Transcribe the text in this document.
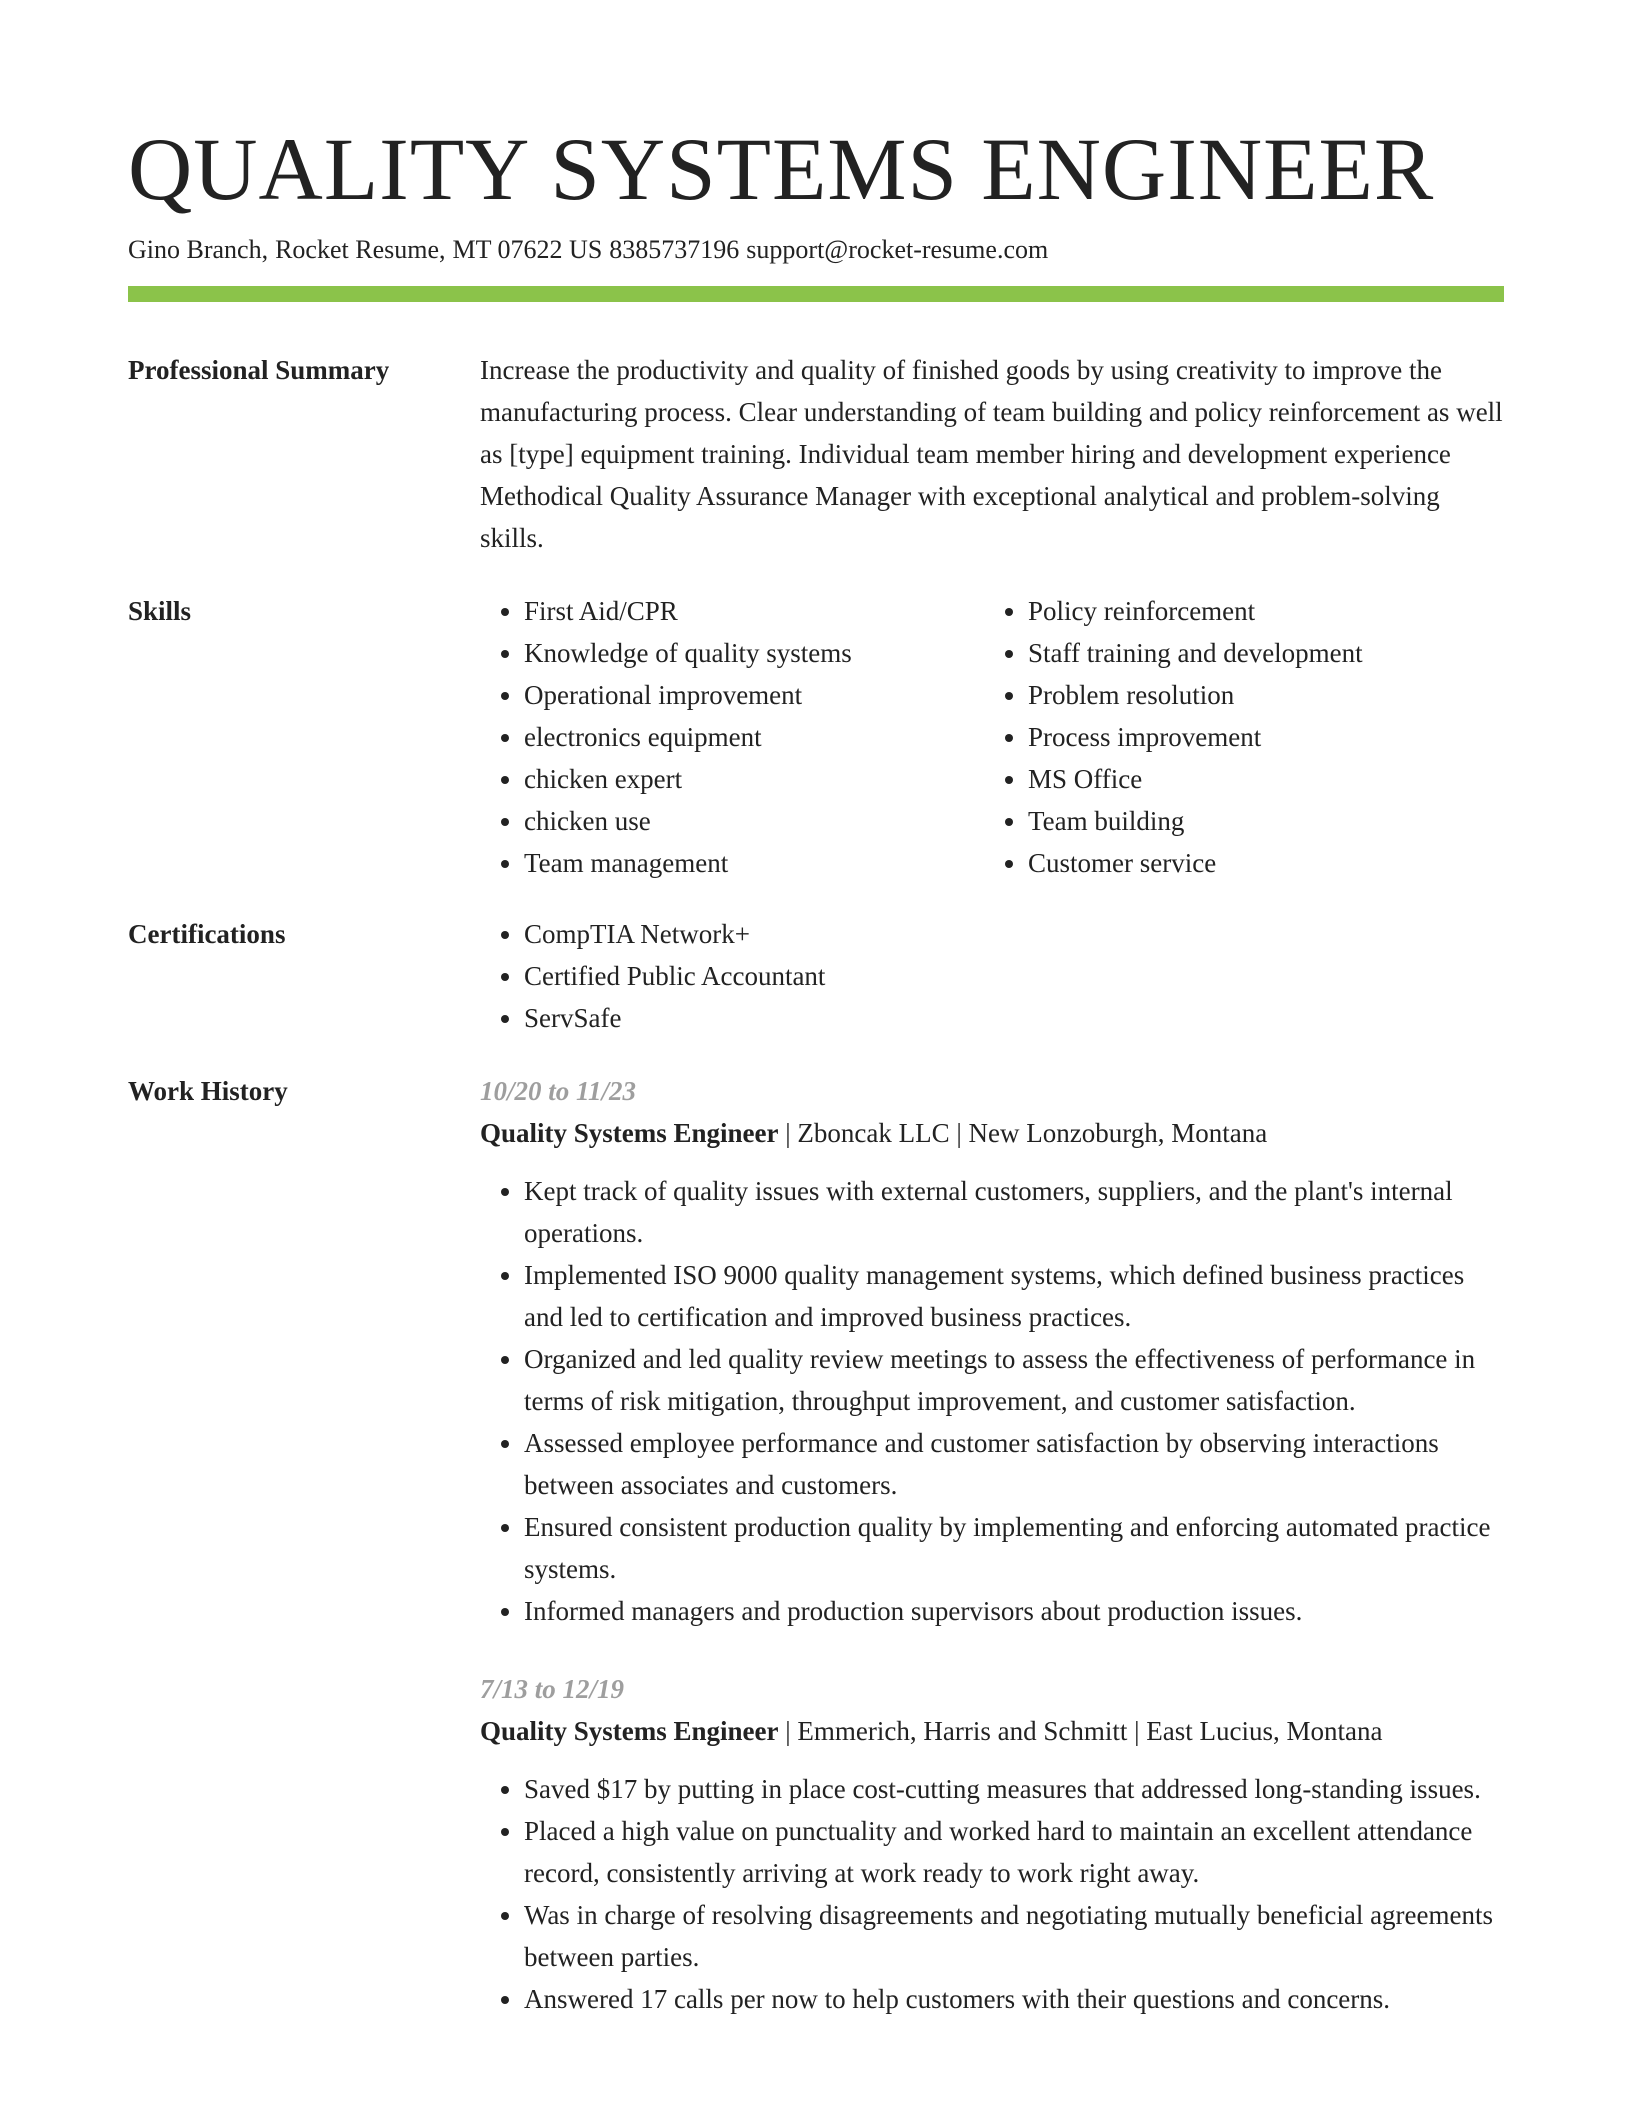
QUALITY SYSTEMS ENGINEER
Gino Branch, Rocket Resume, MT 07622 US 8385737196 support@rocket-resume.com
Professional Summary	Increase the productivity and quality of finished goods by using creativity to improve the manufacturing process. Clear understanding of team building and policy reinforcement as well as [type] equipment training. Individual team member hiring and development experience Methodical Quality Assurance Manager with exceptional analytical and problem-solving skills.

Skills	• First Aid/CPR
• Knowledge of quality systems
• Operational improvement
• electronics equipment
• chicken expert
• chicken use
• Team management
• Policy reinforcement
• Staff training and development
• Problem resolution
• Process improvement
• MS Office
• Team building
• Customer service
Certifications	• CompTIA Network+
• Certified Public Accountant
• ServSafe
Work History	10/20 to 11/23
Quality Systems Engineer | Zboncak LLC | New Lonzoburgh, Montana
• Kept track of quality issues with external customers, suppliers, and the plant's internal operations.
• Implemented ISO 9000 quality management systems, which defined business practices and led to certification and improved business practices.
• Organized and led quality review meetings to assess the effectiveness of performance in terms of risk mitigation, throughput improvement, and customer satisfaction.
• Assessed employee performance and customer satisfaction by observing interactions between associates and customers.
• Ensured consistent production quality by implementing and enforcing automated practice systems.
• Informed managers and production supervisors about production issues.
7/13 to 12/19
Quality Systems Engineer | Emmerich, Harris and Schmitt | East Lucius, Montana
• Saved $17 by putting in place cost-cutting measures that addressed long-standing issues.
• Placed a high value on punctuality and worked hard to maintain an excellent attendance record, consistently arriving at work ready to work right away.
• Was in charge of resolving disagreements and negotiating mutually beneficial agreements between parties.
• Answered 17 calls per now to help customers with their questions and concerns.
